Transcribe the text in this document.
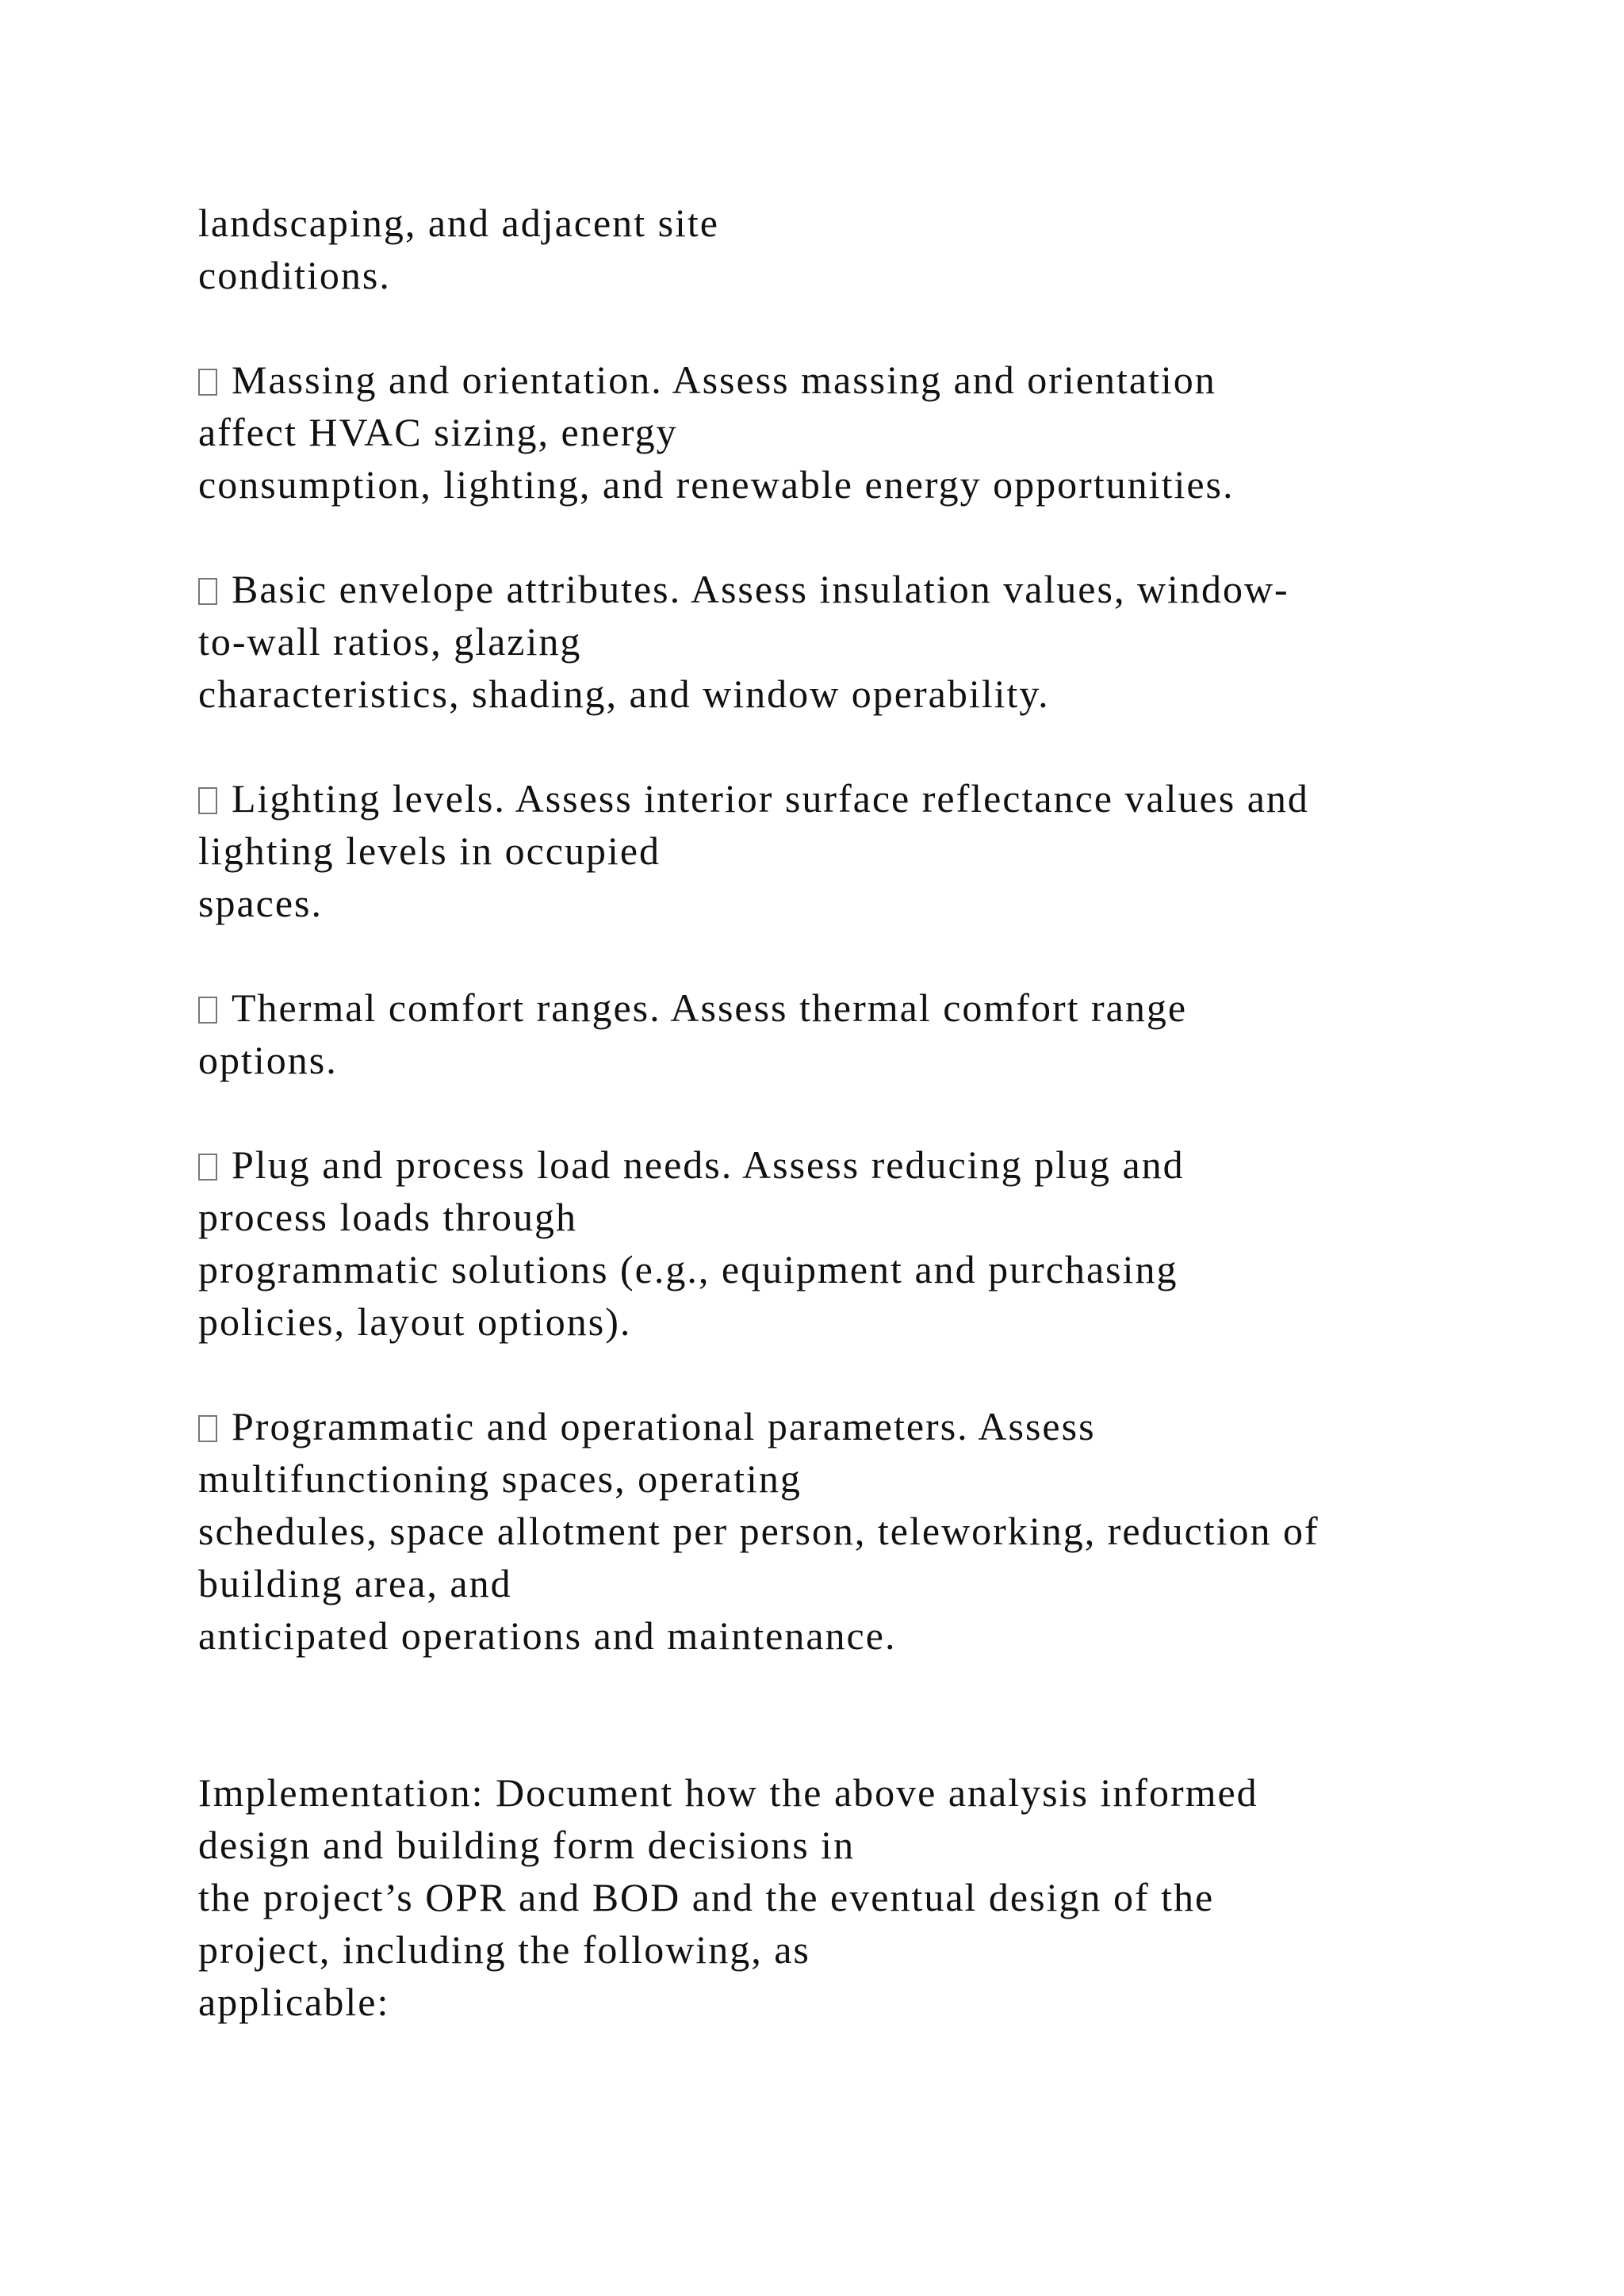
landscaping, and adjacent site
conditions.

Massing and orientation. Assess massing and orientation
affect HVAC sizing, energy
consumption, lighting, and renewable energy opportunities.

Basic envelope attributes. Assess insulation values, window-
to-wall ratios, glazing
characteristics, shading, and window operability.

Lighting levels. Assess interior surface reflectance values and
lighting levels in occupied
spaces.

Thermal comfort ranges. Assess thermal comfort range
options.

Plug and process load needs. Assess reducing plug and
process loads through
programmatic solutions (e.g., equipment and purchasing
policies, layout options).

Programmatic and operational parameters. Assess
multifunctioning spaces, operating
schedules, space allotment per person, teleworking, reduction of
building area, and
anticipated operations and maintenance.

Implementation: Document how the above analysis informed
design and building form decisions in
the project’s OPR and BOD and the eventual design of the
project, including the following, as
applicable:
